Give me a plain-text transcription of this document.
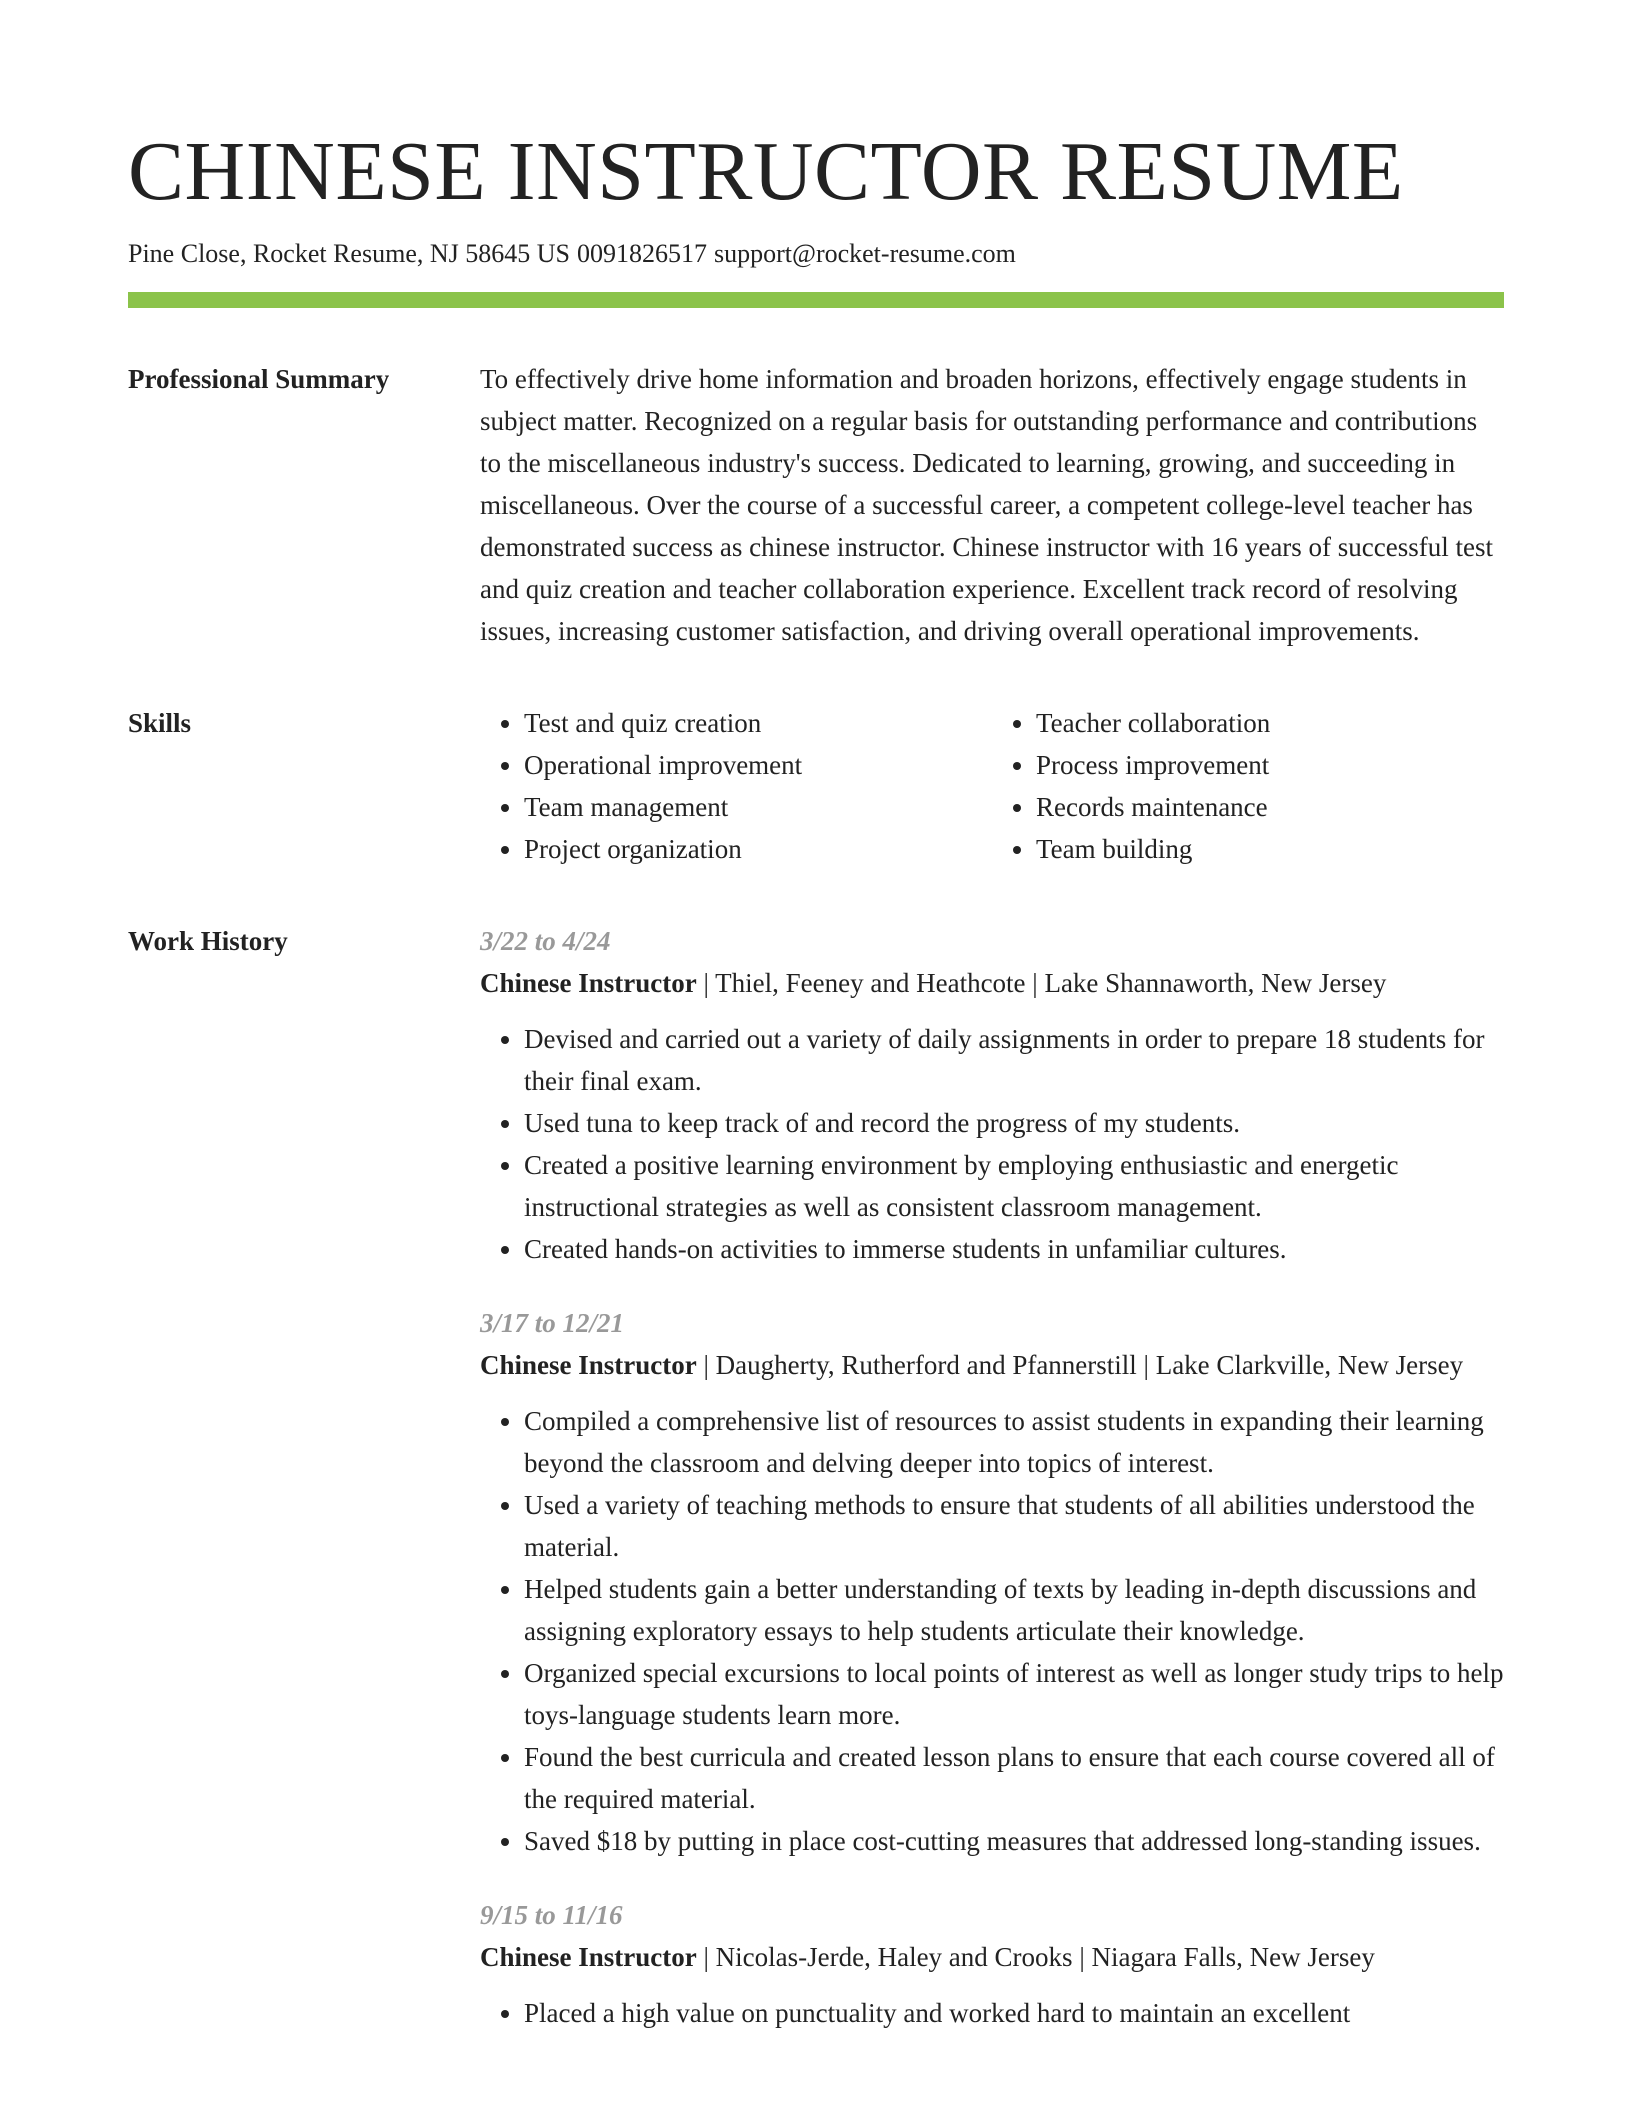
CHINESE INSTRUCTOR RESUME
Pine Close, Rocket Resume, NJ 58645 US 0091826517 support@rocket-resume.com
Professional Summary	To effectively drive home information and broaden horizons, effectively engage students in subject matter. Recognized on a regular basis for outstanding performance and contributions to the miscellaneous industry's success. Dedicated to learning, growing, and succeeding in miscellaneous. Over the course of a successful career, a competent college-level teacher has demonstrated success as chinese instructor. Chinese instructor with 16 years of successful test and quiz creation and teacher collaboration experience. Excellent track record of resolving issues, increasing customer satisfaction, and driving overall operational improvements.

Skills
•	Test and quiz creation
• Operational improvement
• Team management
• Project organization
• Teacher collaboration
• Process improvement
• Records maintenance
• Team building
Work History	3/22 to 4/24
Chinese Instructor | Thiel, Feeney and Heathcote | Lake Shannaworth, New Jersey
• Devised and carried out a variety of daily assignments in order to prepare 18 students for their final exam.
• Used tuna to keep track of and record the progress of my students.
• Created a positive learning environment by employing enthusiastic and energetic instructional strategies as well as consistent classroom management.
• Created hands-on activities to immerse students in unfamiliar cultures.
3/17 to 12/21
Chinese Instructor | Daugherty, Rutherford and Pfannerstill | Lake Clarkville, New Jersey
• Compiled a comprehensive list of resources to assist students in expanding their learning beyond the classroom and delving deeper into topics of interest.
• Used a variety of teaching methods to ensure that students of all abilities understood the material.
• Helped students gain a better understanding of texts by leading in-depth discussions and assigning exploratory essays to help students articulate their knowledge.
• Organized special excursions to local points of interest as well as longer study trips to help toys-language students learn more.
• Found the best curricula and created lesson plans to ensure that each course covered all of the required material.
• Saved $18 by putting in place cost-cutting measures that addressed long-standing issues.
9/15 to 11/16
Chinese Instructor | Nicolas-Jerde, Haley and Crooks | Niagara Falls, New Jersey
• Placed a high value on punctuality and worked hard to maintain an excellent
